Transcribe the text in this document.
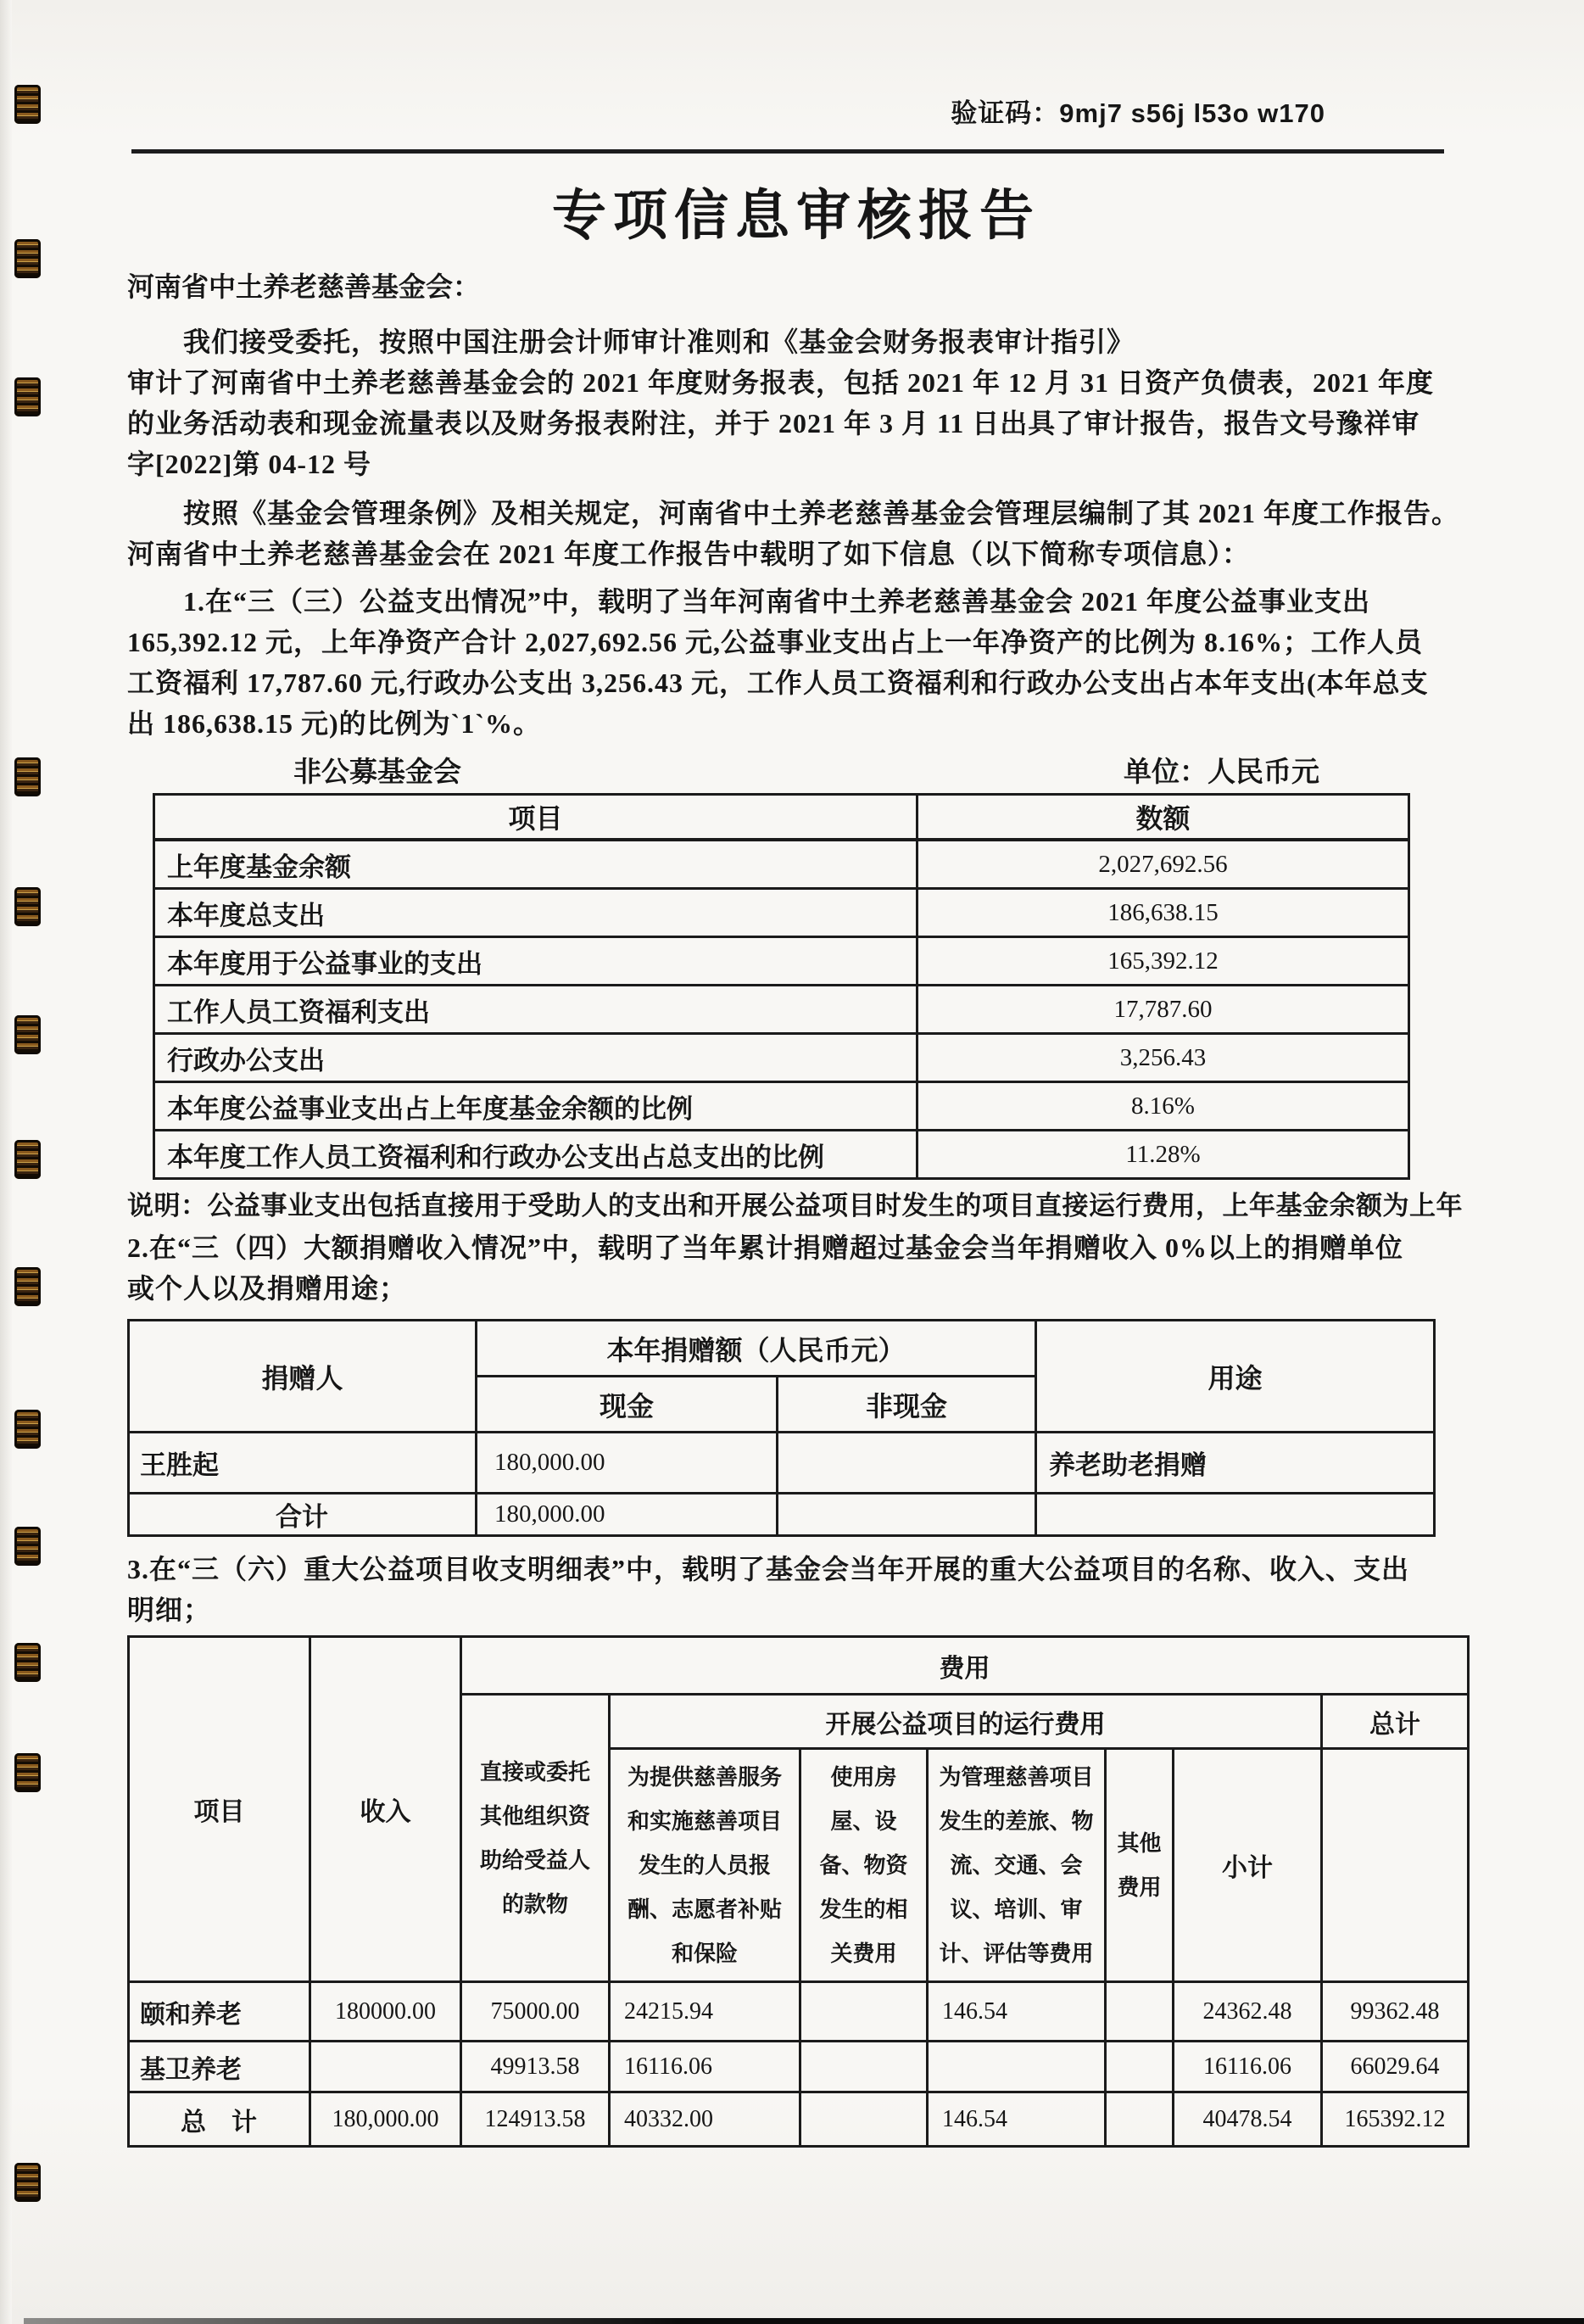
验证码：9mj7 s56j l53o w170
专项信息审核报告
河南省中土养老慈善基金会：
我们接受委托，按照中国注册会计师审计准则和《基金会财务报表审计指引》
审计了河南省中土养老慈善基金会的 2021 年度财务报表，包括 2021 年 12 月 31 日资产负债表，2021 年度
的业务活动表和现金流量表以及财务报表附注，并于 2021 年 3 月 11 日出具了审计报告，报告文号豫祥审
字[2022]第 04-12 号
按照《基金会管理条例》及相关规定，河南省中土养老慈善基金会管理层编制了其 2021 年度工作报告。
河南省中土养老慈善基金会在 2021 年度工作报告中载明了如下信息（以下简称专项信息）：
1.在“三（三）公益支出情况”中，载明了当年河南省中土养老慈善基金会 2021 年度公益事业支出
165,392.12 元，上年净资产合计 2,027,692.56 元,公益事业支出占上一年净资产的比例为 8.16%；工作人员
工资福利 17,787.60 元,行政办公支出 3,256.43 元，工作人员工资福利和行政办公支出占本年支出(本年总支
出 186,638.15 元)的比例为`1`%。
非公募基金会	单位：人民币元
项目	数额
上年度基金余额	2,027,692.56
本年度总支出	186,638.15
本年度用于公益事业的支出	165,392.12
工作人员工资福利支出	17,787.60
行政办公支出	3,256.43
本年度公益事业支出占上年度基金余额的比例	8.16%
本年度工作人员工资福利和行政办公支出占总支出的比例	11.28%
说明：公益事业支出包括直接用于受助人的支出和开展公益项目时发生的项目直接运行费用，上年基金余额为上年
2.在“三（四）大额捐赠收入情况”中，载明了当年累计捐赠超过基金会当年捐赠收入 0%以上的捐赠单位
或个人以及捐赠用途；
捐赠人	本年捐赠额（人民币元）		用途
	现金	非现金	
王胜起	180,000.00		养老助老捐赠
合计	180,000.00		
3.在“三（六）重大公益项目收支明细表”中，载明了基金会当年开展的重大公益项目的名称、收入、支出
明细；
项目	收入	费用						
		直接或委托其他组织资助给受益人的款物	开展公益项目的运行费用					总计
			为提供慈善服务和实施慈善项目发生的人员报酬、志愿者补贴和保险	使用房屋、设备、物资发生的相关费用	为管理慈善项目发生的差旅、物流、交通、会议、培训、审计、评估等费用	其他费用	小计	
颐和养老	180000.00	75000.00	24215.94		146.54		24362.48	99362.48
基卫养老		49913.58	16116.06				16116.06	66029.64
总　计	180,000.00	124913.58	40332.00		146.54		40478.54	165392.12
